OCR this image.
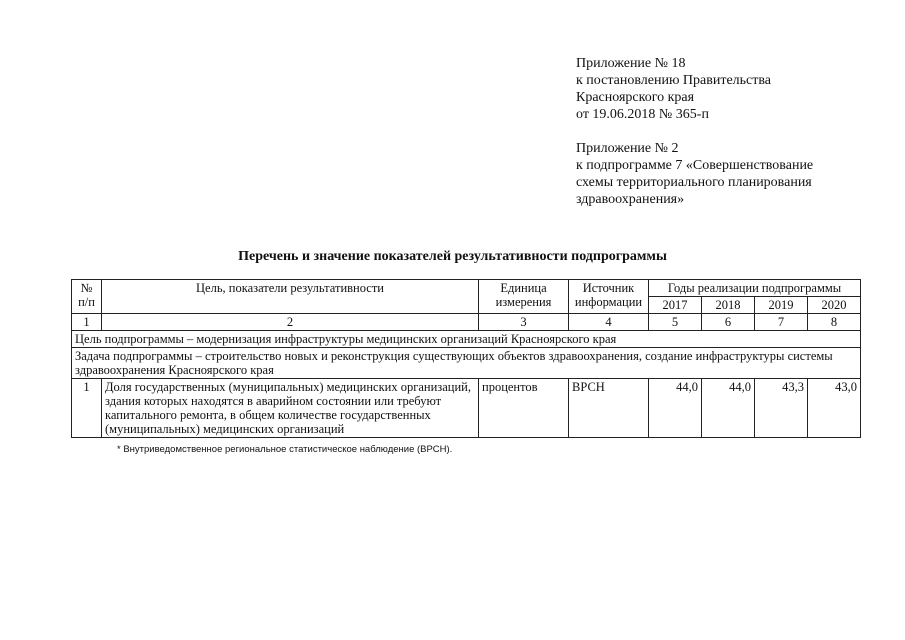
Приложение № 18
к постановлению Правительства
Красноярского края
от 19.06.2018 № 365-п
Приложение № 2
к подпрограмме 7 «Совершенствование
схемы территориального планирования
здравоохранения»
Перечень и значение показателей результативности подпрограммы
№ п/п	Цель, показатели результативности	Единица измерения	Источник информации	Годы реализации подпрограммы			
				2017	2018	2019	2020
1	2	3	4	5	6	7	8
Цель подпрограммы – модернизация инфраструктуры медицинских организаций Красноярского края							
Задача подпрограммы – строительство новых и реконструкция существующих объектов здравоохранения, создание инфраструктуры системы здравоохранения Красноярского края							
1	Доля государственных (муниципальных) медицинских организаций, здания которых находятся в аварийном состоянии или требуют капитального ремонта, в общем количестве государственных (муниципальных) медицинских организаций	процентов	ВРСН	44,0	44,0	43,3	43,0
* Внутриведомственное региональное статистическое наблюдение (ВРСН).
